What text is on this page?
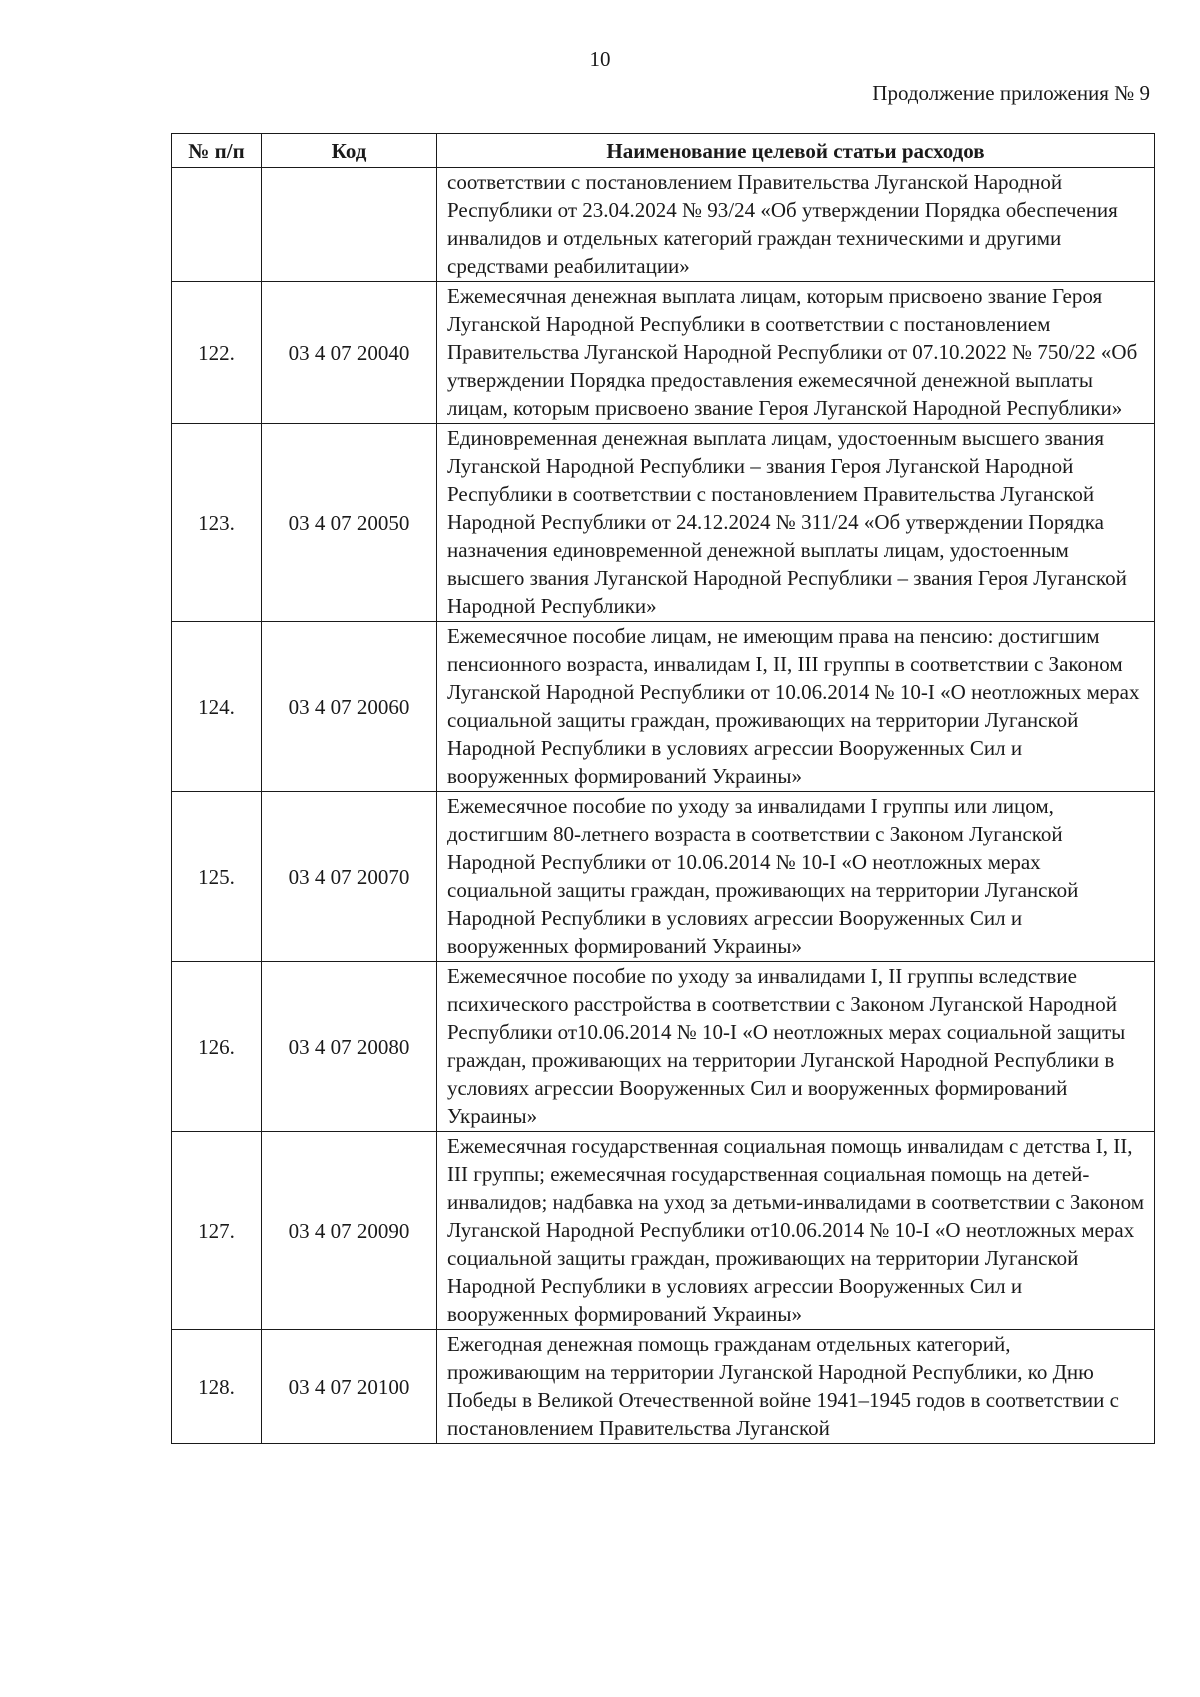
10
Продолжение приложения № 9
№ п/п	Код	Наименование целевой статьи расходов
		соответствии с постановлением Правительства Луганской Народной Республики от 23.04.2024 № 93/24 «Об утверждении Порядка обеспечения инвалидов и отдельных категорий граждан техническими и другими средствами реабилитации»
122.	03 4 07 20040	Ежемесячная денежная выплата лицам, которым присвоено звание Героя Луганской Народной Республики в соответствии с постановлением Правительства Луганской Народной Республики от 07.10.2022 № 750/22 «Об утверждении Порядка предоставления ежемесячной денежной выплаты лицам, которым присвоено звание Героя Луганской Народной Республики»
123.	03 4 07 20050	Единовременная денежная выплата лицам, удостоенным высшего звания Луганской Народной Республики – звания Героя Луганской Народной Республики в соответствии с постановлением Правительства Луганской Народной Республики от 24.12.2024 № 311/24 «Об утверждении Порядка назначения единовременной денежной выплаты лицам, удостоенным высшего звания Луганской Народной Республики – звания Героя Луганской Народной Республики»
124.	03 4 07 20060	Ежемесячное пособие лицам, не имеющим права на пенсию: достигшим пенсионного возраста, инвалидам I, II, III группы в соответствии с Законом Луганской Народной Республики от 10.06.2014 № 10-I «О неотложных мерах социальной защиты граждан, проживающих на территории Луганской Народной Республики в условиях агрессии Вооруженных Сил и вооруженных формирований Украины»
125.	03 4 07 20070	Ежемесячное пособие по уходу за инвалидами I группы или лицом, достигшим 80-летнего возраста в соответствии с Законом Луганской Народной Республики от 10.06.2014 № 10-I «О неотложных мерах социальной защиты граждан, проживающих на территории Луганской Народной Республики в условиях агрессии Вооруженных Сил и вооруженных формирований Украины»
126.	03 4 07 20080	Ежемесячное пособие по уходу за инвалидами I, II группы вследствие психического расстройства в соответствии с Законом Луганской Народной Республики от10.06.2014 № 10-I «О неотложных мерах социальной защиты граждан, проживающих на территории Луганской Народной Республики в условиях агрессии Вооруженных Сил и вооруженных формирований Украины»
127.	03 4 07 20090	Ежемесячная государственная социальная помощь инвалидам с детства I, II, III группы; ежемесячная государственная социальная помощь на детей-инвалидов; надбавка на уход за детьми-инвалидами в соответствии с Законом Луганской Народной Республики от10.06.2014 № 10-I «О неотложных мерах социальной защиты граждан, проживающих на территории Луганской Народной Республики в условиях агрессии Вооруженных Сил и вооруженных формирований Украины»
128.	03 4 07 20100	Ежегодная денежная помощь гражданам отдельных категорий, проживающим на территории Луганской Народной Республики, ко Дню Победы в Великой Отечественной войне 1941–1945 годов в соответствии с постановлением Правительства Луганской
